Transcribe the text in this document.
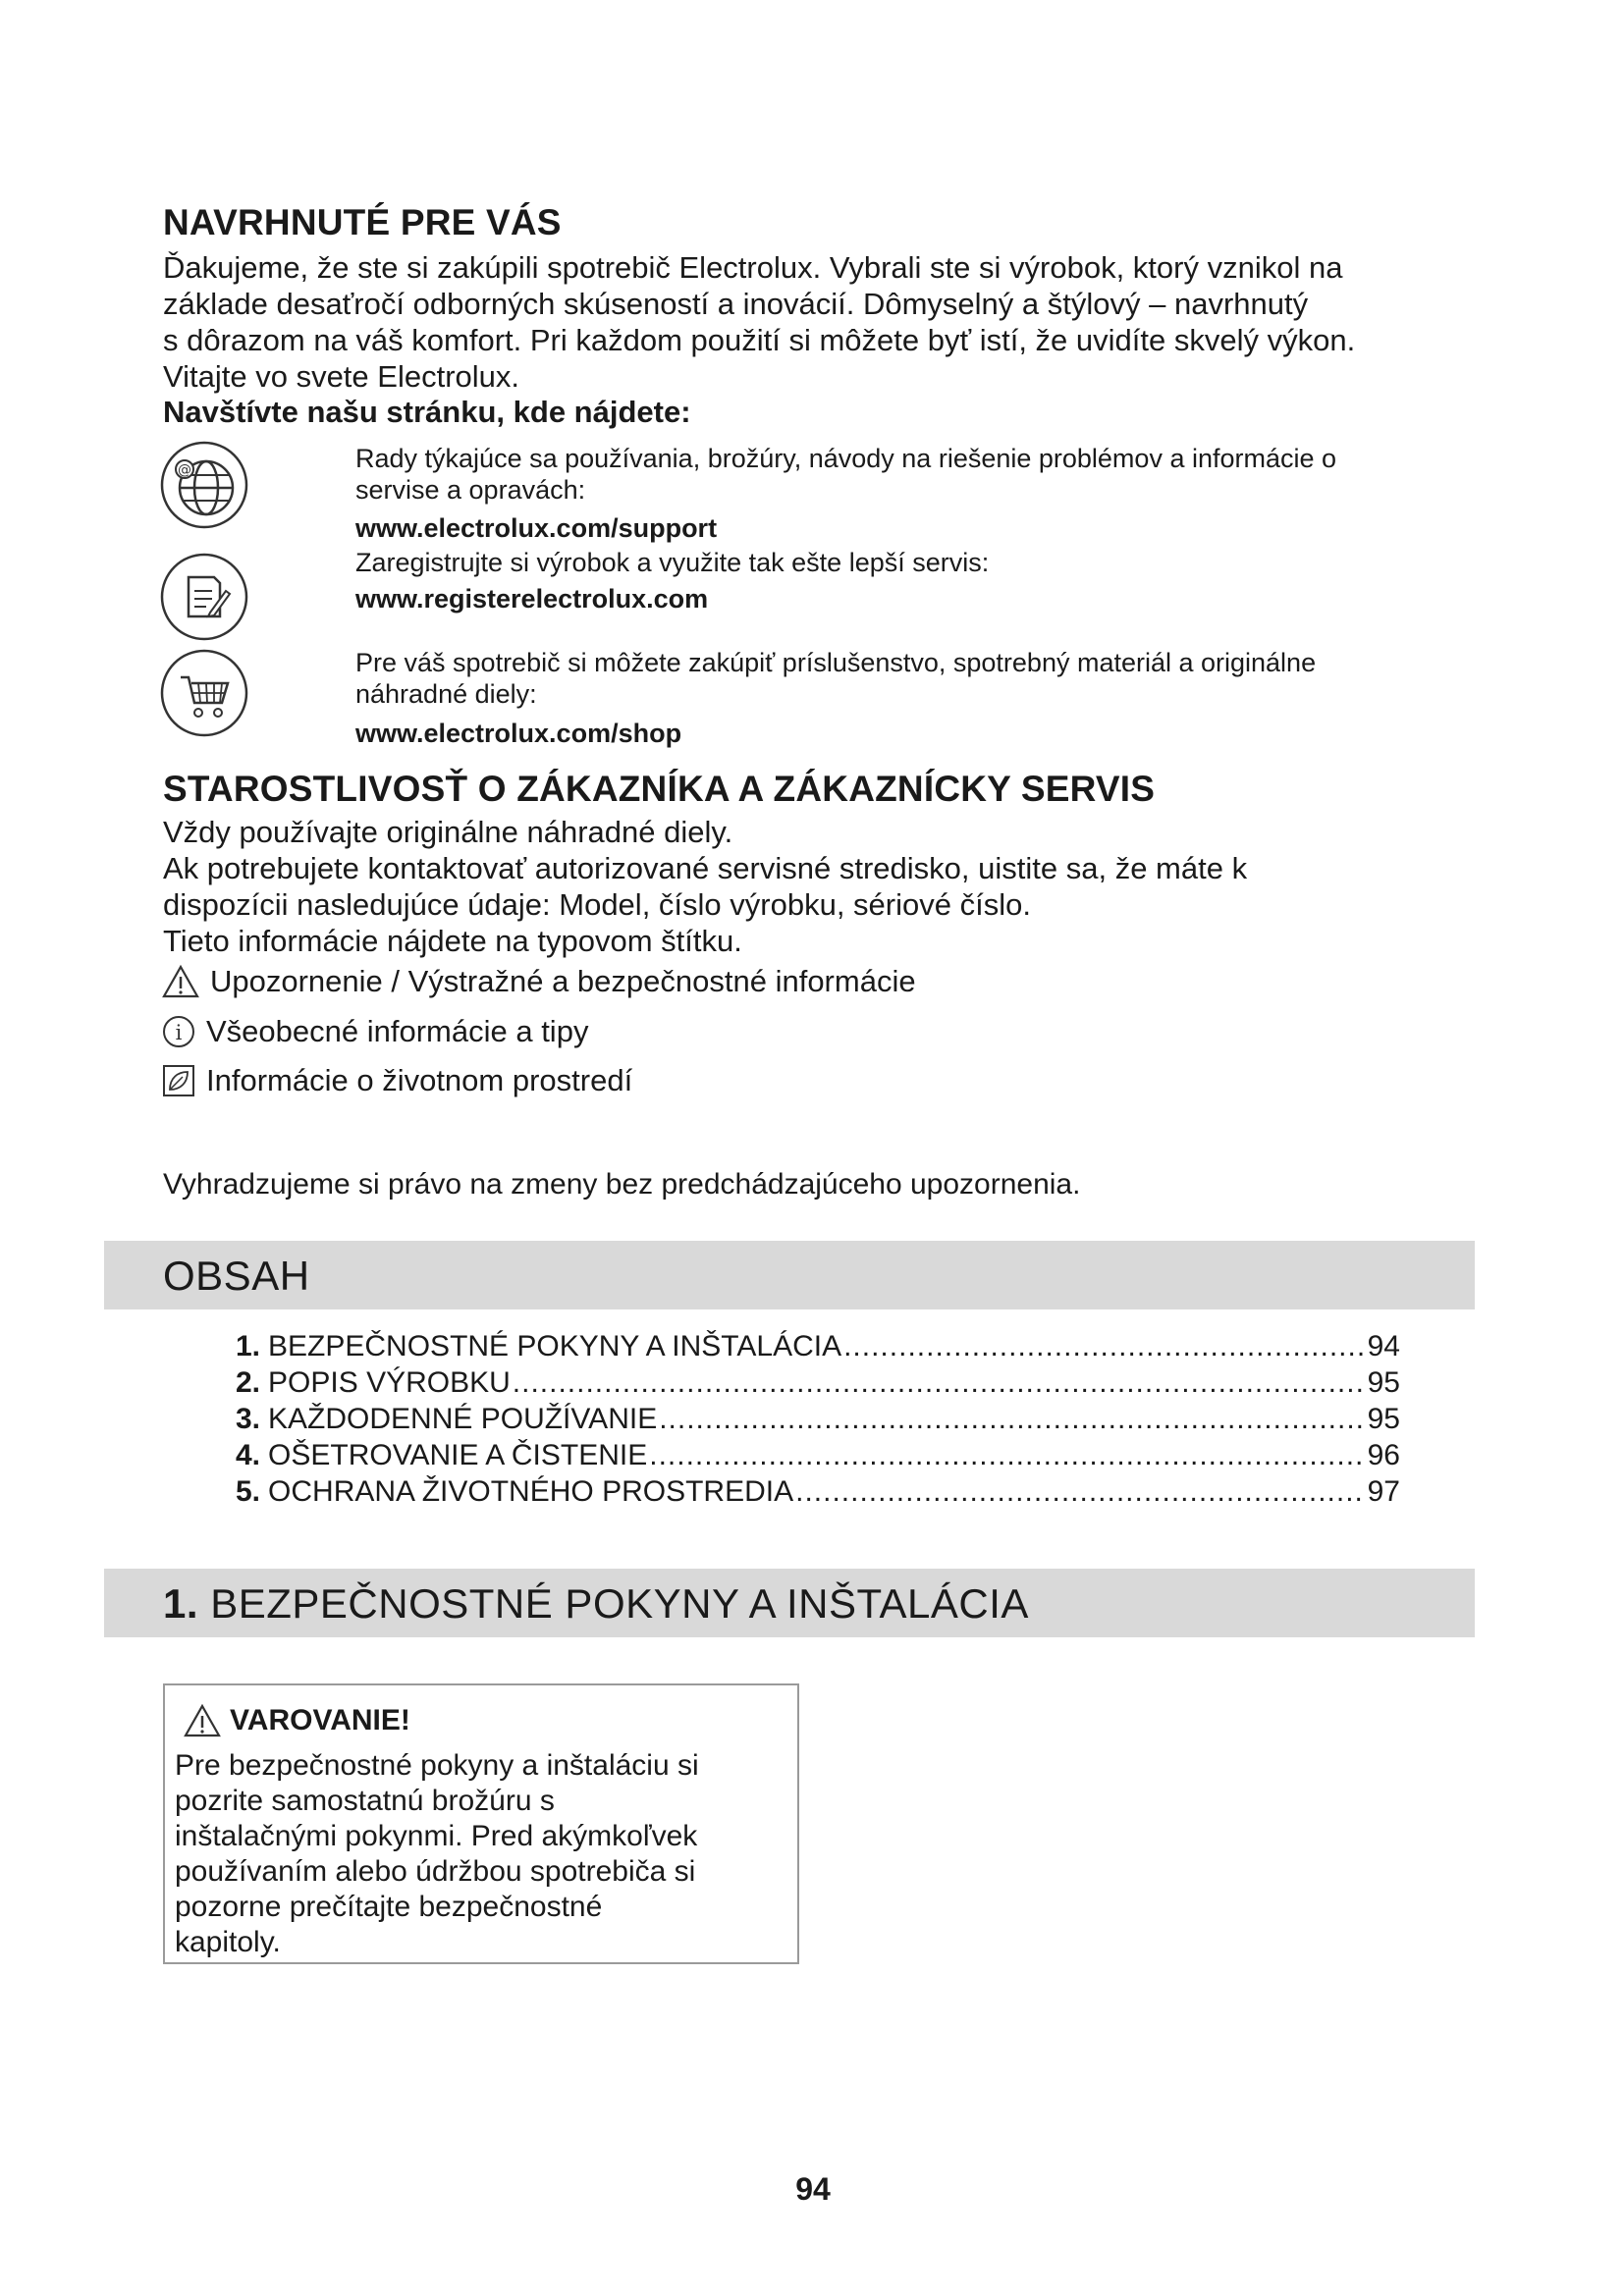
NAVRHNUTÉ PRE VÁS
Ďakujeme, že ste si zakúpili spotrebič Electrolux. Vybrali ste si výrobok, ktorý vznikol na
základe desaťročí odborných skúseností a inovácií. Dômyselný a štýlový – navrhnutý
s dôrazom na váš komfort. Pri každom použití si môžete byť istí, že uvidíte skvelý výkon.
Vitajte vo svete Electrolux.
Navštívte našu stránku, kde nájdete:
@	Rady týkajúce sa používania, brožúry, návody na riešenie problémov a informácie o
servise a opravách:
www.electrolux.com/support
Zaregistrujte si výrobok a využite tak ešte lepší servis:
www.registerelectrolux.com
Pre váš spotrebič si môžete zakúpiť príslušenstvo, spotrebný materiál a originálne
náhradné diely:
www.electrolux.com/shop
STAROSTLIVOSŤ O ZÁKAZNÍKA A ZÁKAZNÍCKY SERVIS
Vždy používajte originálne náhradné diely.
Ak potrebujete kontaktovať autorizované servisné stredisko, uistite sa, že máte k
dispozícii nasledujúce údaje: Model, číslo výrobku, sériové číslo.
Tieto informácie nájdete na typovom štítku.
Upozornenie / Výstražné a bezpečnostné informácie
i Všeobecné informácie a tipy
Informácie o životnom prostredí
Vyhradzujeme si právo na zmeny bez predchádzajúceho upozornenia.
OBSAH
1. BEZPEČNOSTNÉ POKYNY A INŠTALÁCIA .....	94
2. POPIS VÝROBKU .....	95
3. KAŽDODENNÉ POUŽÍVANIE .....	95
4. OŠETROVANIE A ČISTENIE .....	96
5. OCHRANA ŽIVOTNÉHO PROSTREDIA .....	97
1. BEZPEČNOSTNÉ POKYNY A INŠTALÁCIA
VAROVANIE!
Pre bezpečnostné pokyny a inštaláciu si
pozrite samostatnú brožúru s
inštalačnými pokynmi. Pred akýmkoľvek
používaním alebo údržbou spotrebiča si
pozorne prečítajte bezpečnostné
kapitoly.
94
